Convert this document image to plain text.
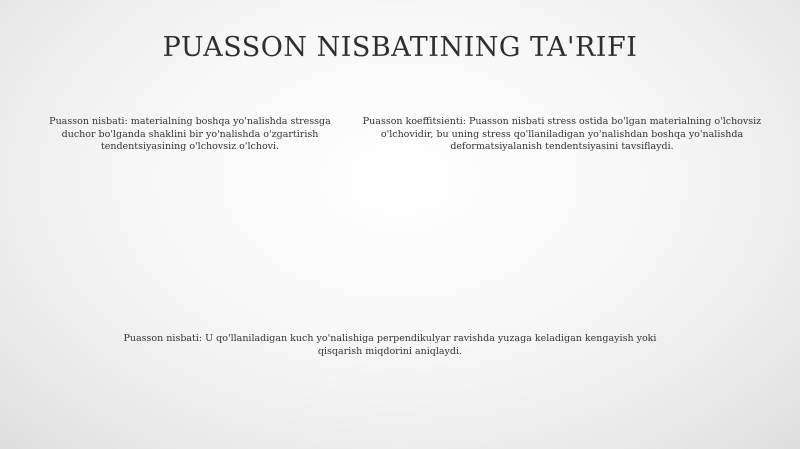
PUASSON NISBATINING TA'RIFI

Puasson nisbati: materialning boshqa yo'nalishda stressga duchor bo'lganda shaklini bir yo'nalishda o'zgartirish tendentsiyasining o'lchovsiz o'lchovi.

Puasson koeffitsienti: Puasson nisbati stress ostida bo'lgan materialning o'lchovsiz o'lchovidir, bu uning stress qo'llaniladigan yo'nalishdan boshqa yo'nalishda deformatsiyalanish tendentsiyasini tavsiflaydi.

Puasson nisbati: U qo'llaniladigan kuch yo'nalishiga perpendikulyar ravishda yuzaga keladigan kengayish yoki qisqarish miqdorini aniqlaydi.
